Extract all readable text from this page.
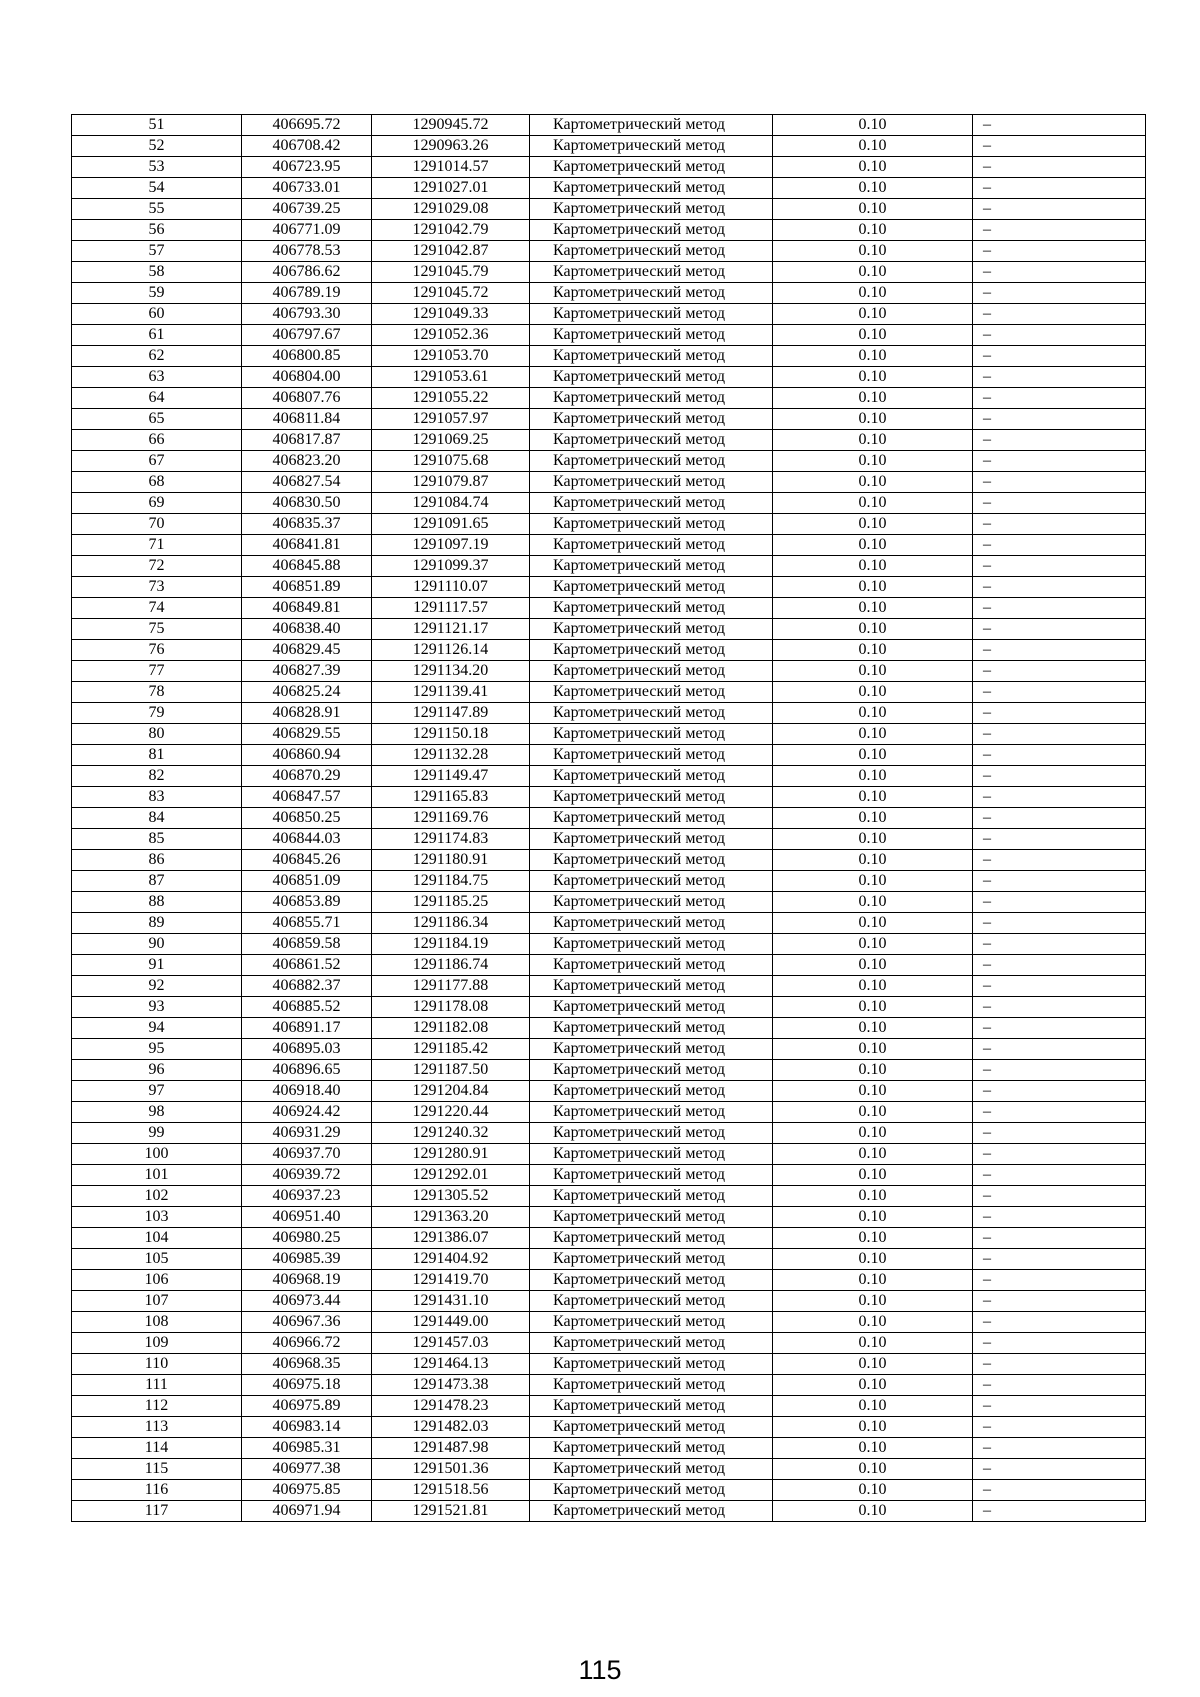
51	406695.72	1290945.72	Картометрический метод	0.10	–
52	406708.42	1290963.26	Картометрический метод	0.10	–
53	406723.95	1291014.57	Картометрический метод	0.10	–
54	406733.01	1291027.01	Картометрический метод	0.10	–
55	406739.25	1291029.08	Картометрический метод	0.10	–
56	406771.09	1291042.79	Картометрический метод	0.10	–
57	406778.53	1291042.87	Картометрический метод	0.10	–
58	406786.62	1291045.79	Картометрический метод	0.10	–
59	406789.19	1291045.72	Картометрический метод	0.10	–
60	406793.30	1291049.33	Картометрический метод	0.10	–
61	406797.67	1291052.36	Картометрический метод	0.10	–
62	406800.85	1291053.70	Картометрический метод	0.10	–
63	406804.00	1291053.61	Картометрический метод	0.10	–
64	406807.76	1291055.22	Картометрический метод	0.10	–
65	406811.84	1291057.97	Картометрический метод	0.10	–
66	406817.87	1291069.25	Картометрический метод	0.10	–
67	406823.20	1291075.68	Картометрический метод	0.10	–
68	406827.54	1291079.87	Картометрический метод	0.10	–
69	406830.50	1291084.74	Картометрический метод	0.10	–
70	406835.37	1291091.65	Картометрический метод	0.10	–
71	406841.81	1291097.19	Картометрический метод	0.10	–
72	406845.88	1291099.37	Картометрический метод	0.10	–
73	406851.89	1291110.07	Картометрический метод	0.10	–
74	406849.81	1291117.57	Картометрический метод	0.10	–
75	406838.40	1291121.17	Картометрический метод	0.10	–
76	406829.45	1291126.14	Картометрический метод	0.10	–
77	406827.39	1291134.20	Картометрический метод	0.10	–
78	406825.24	1291139.41	Картометрический метод	0.10	–
79	406828.91	1291147.89	Картометрический метод	0.10	–
80	406829.55	1291150.18	Картометрический метод	0.10	–
81	406860.94	1291132.28	Картометрический метод	0.10	–
82	406870.29	1291149.47	Картометрический метод	0.10	–
83	406847.57	1291165.83	Картометрический метод	0.10	–
84	406850.25	1291169.76	Картометрический метод	0.10	–
85	406844.03	1291174.83	Картометрический метод	0.10	–
86	406845.26	1291180.91	Картометрический метод	0.10	–
87	406851.09	1291184.75	Картометрический метод	0.10	–
88	406853.89	1291185.25	Картометрический метод	0.10	–
89	406855.71	1291186.34	Картометрический метод	0.10	–
90	406859.58	1291184.19	Картометрический метод	0.10	–
91	406861.52	1291186.74	Картометрический метод	0.10	–
92	406882.37	1291177.88	Картометрический метод	0.10	–
93	406885.52	1291178.08	Картометрический метод	0.10	–
94	406891.17	1291182.08	Картометрический метод	0.10	–
95	406895.03	1291185.42	Картометрический метод	0.10	–
96	406896.65	1291187.50	Картометрический метод	0.10	–
97	406918.40	1291204.84	Картометрический метод	0.10	–
98	406924.42	1291220.44	Картометрический метод	0.10	–
99	406931.29	1291240.32	Картометрический метод	0.10	–
100	406937.70	1291280.91	Картометрический метод	0.10	–
101	406939.72	1291292.01	Картометрический метод	0.10	–
102	406937.23	1291305.52	Картометрический метод	0.10	–
103	406951.40	1291363.20	Картометрический метод	0.10	–
104	406980.25	1291386.07	Картометрический метод	0.10	–
105	406985.39	1291404.92	Картометрический метод	0.10	–
106	406968.19	1291419.70	Картометрический метод	0.10	–
107	406973.44	1291431.10	Картометрический метод	0.10	–
108	406967.36	1291449.00	Картометрический метод	0.10	–
109	406966.72	1291457.03	Картометрический метод	0.10	–
110	406968.35	1291464.13	Картометрический метод	0.10	–
111	406975.18	1291473.38	Картометрический метод	0.10	–
112	406975.89	1291478.23	Картометрический метод	0.10	–
113	406983.14	1291482.03	Картометрический метод	0.10	–
114	406985.31	1291487.98	Картометрический метод	0.10	–
115	406977.38	1291501.36	Картометрический метод	0.10	–
116	406975.85	1291518.56	Картометрический метод	0.10	–
117	406971.94	1291521.81	Картометрический метод	0.10	–
115
